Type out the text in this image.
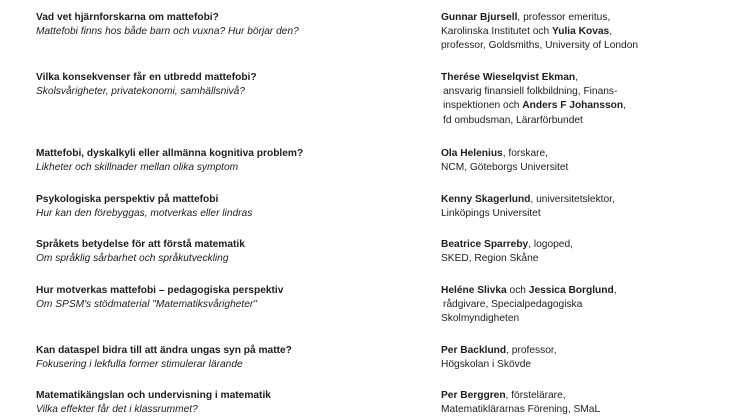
Vad vet hjärnforskarna om mattefobi?
Mattefobi finns hos både barn och vuxna? Hur börjar den?
Gunnar Bjursell, professor emeritus,
Karolinska Institutet och Yulia Kovas,
professor, Goldsmiths, University of London
Vilka konsekvenser får en utbredd mattefobi?
Skolsvårigheter, privatekonomi, samhällsnivå?
Therése Wieselqvist Ekman,
ansvarig finansiell folkbildning, Finans-
inspektionen och Anders F Johansson,
fd ombudsman, Lärarförbundet
Mattefobi, dyskalkyli eller allmänna kognitiva problem?
Likheter och skillnader mellan olika symptom
Ola Helenius, forskare,
NCM, Göteborgs Universitet
Psykologiska perspektiv på mattefobi
Hur kan den förebyggas, motverkas eller lindras
Kenny Skagerlund, universitetslektor,
Linköpings Universitet
Språkets betydelse för att förstå matematik
Om språklig sårbarhet och språkutveckling
Beatrice Sparreby, logoped,
SKED, Region Skåne
Hur motverkas mattefobi – pedagogiska perspektiv
Om SPSM's stödmaterial "Matematiksvårigheter"
Heléne Slivka och Jessica Borglund,
rådgivare, Specialpedagogiska
Skolmyndigheten
Kan dataspel bidra till att ändra ungas syn på matte?
Fokusering i lekfulla former stimulerar lärande
Per Backlund, professor,
Högskolan i Skövde
Matematikängslan och undervisning i matematik
Vilka effekter får det i klassrummet?
Per Berggren, förstelärare,
Matematiklärarnas Förening, SMaL
